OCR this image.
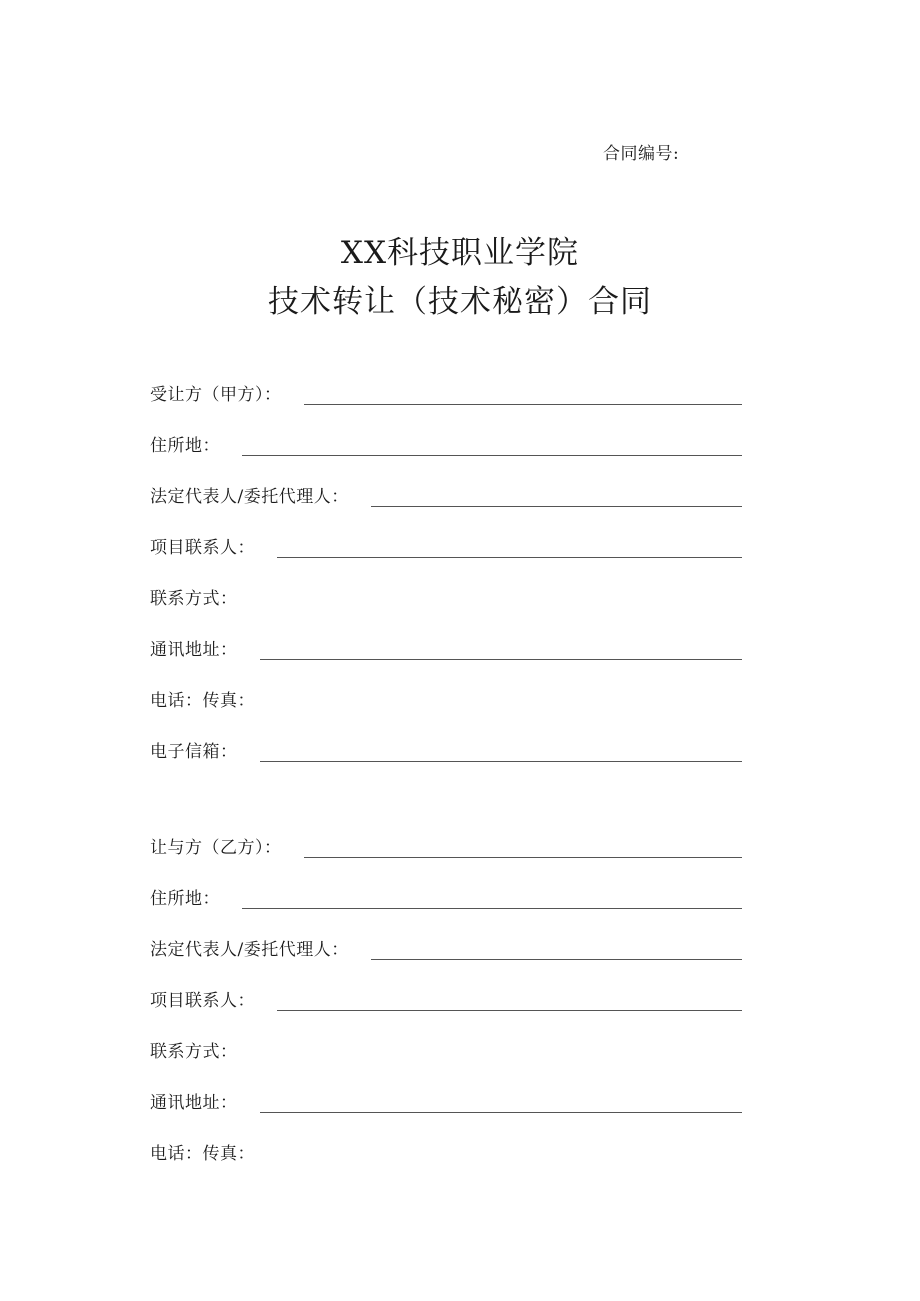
合同编号:
XX科技职业学院
技术转让（技术秘密）合同
受让方（甲方）：
住所地：
法定代表人/委托代理人：
项目联系人：
联系方式：
通讯地址：
电话：传真：
电子信箱：
让与方（乙方）：
住所地：
法定代表人/委托代理人：
项目联系人：
联系方式：
通讯地址：
电话：传真：
